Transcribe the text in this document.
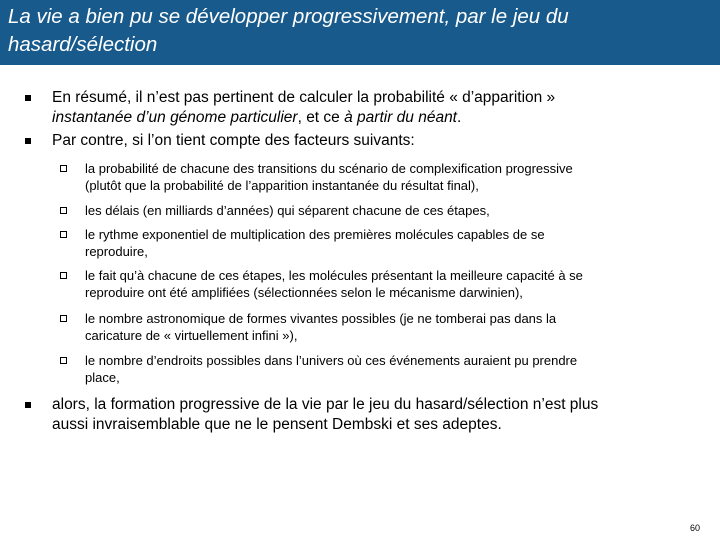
La vie a bien pu se développer progressivement, par le jeu du
hasard/sélection
En résumé, il n’est pas pertinent de calculer la probabilité « d’apparition »
instantanée d’un génome particulier, et ce à partir du néant.
Par contre, si l’on tient compte des facteurs suivants:
la probabilité de chacune des transitions du scénario de complexification progressive
(plutôt que la probabilité de l’apparition instantanée du résultat final),
les délais (en milliards d’années) qui séparent chacune de ces étapes,
le rythme exponentiel de multiplication des premières molécules capables de se
reproduire,
le fait qu’à chacune de ces étapes, les molécules présentant la meilleure capacité à se
reproduire ont été amplifiées (sélectionnées selon le mécanisme darwinien),
le nombre astronomique de formes vivantes possibles (je ne tomberai pas dans la
caricature de « virtuellement infini »),
le nombre d’endroits possibles dans l’univers où ces événements auraient pu prendre
place,
alors, la formation progressive de la vie par le jeu du hasard/sélection n’est plus
aussi invraisemblable que ne le pensent Dembski et ses adeptes.
60
